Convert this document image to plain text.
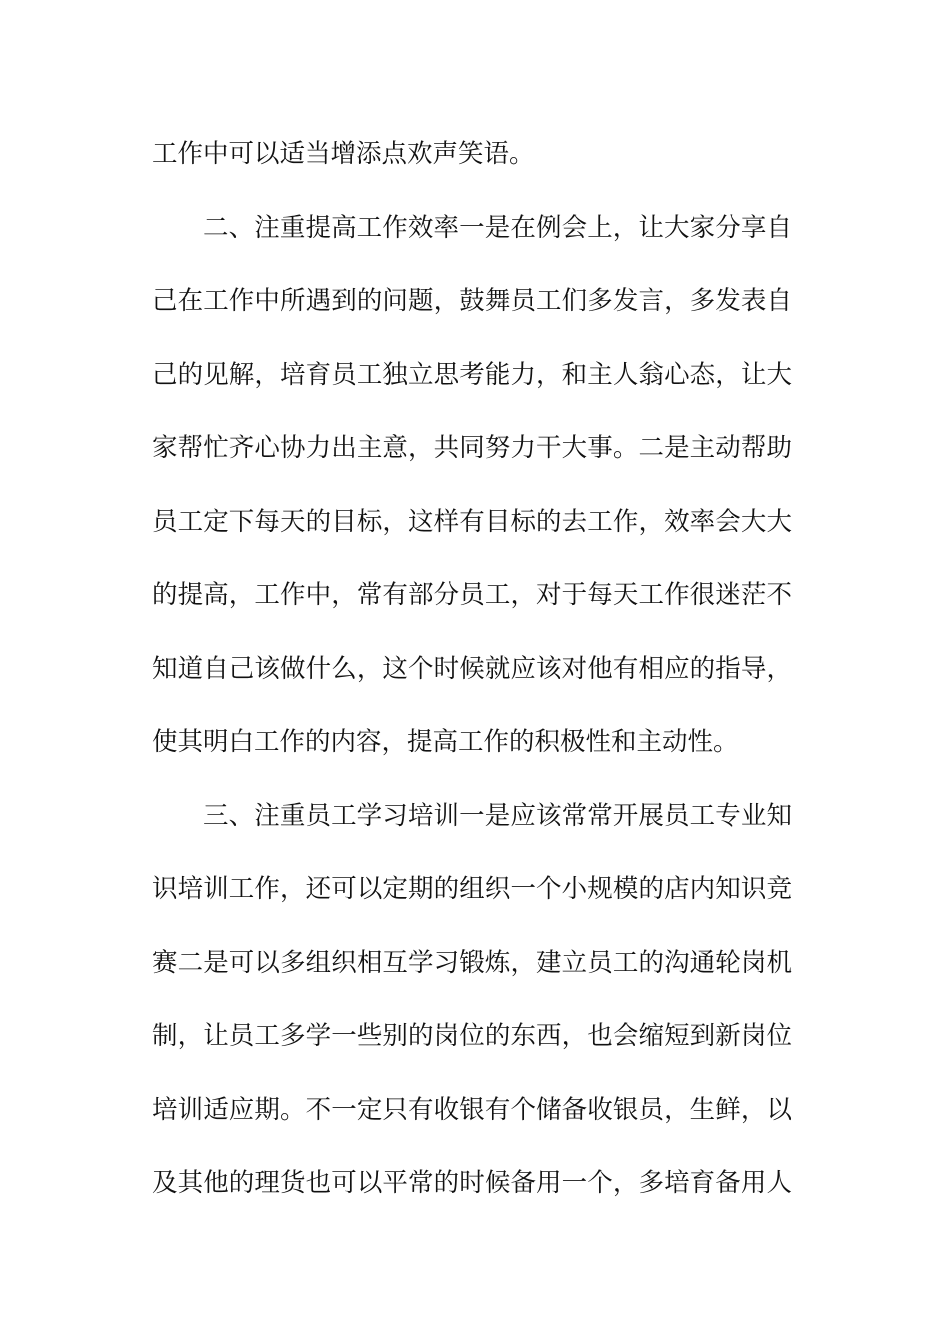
工作中可以适当增添点欢声笑语。
二、注重提高工作效率一是在例会上，让大家分享自
己在工作中所遇到的问题，鼓舞员工们多发言，多发表自
己的见解，培育员工独立思考能力，和主人翁心态，让大
家帮忙齐心协力出主意，共同努力干大事。二是主动帮助
员工定下每天的目标，这样有目标的去工作，效率会大大
的提高，工作中，常有部分员工，对于每天工作很迷茫不
知道自己该做什么，这个时候就应该对他有相应的指导，
使其明白工作的内容，提高工作的积极性和主动性。
三、注重员工学习培训一是应该常常开展员工专业知
识培训工作，还可以定期的组织一个小规模的店内知识竞
赛二是可以多组织相互学习锻炼，建立员工的沟通轮岗机
制，让员工多学一些别的岗位的东西，也会缩短到新岗位
培训适应期。不一定只有收银有个储备收银员，生鲜，以
及其他的理货也可以平常的时候备用一个，多培育备用人
